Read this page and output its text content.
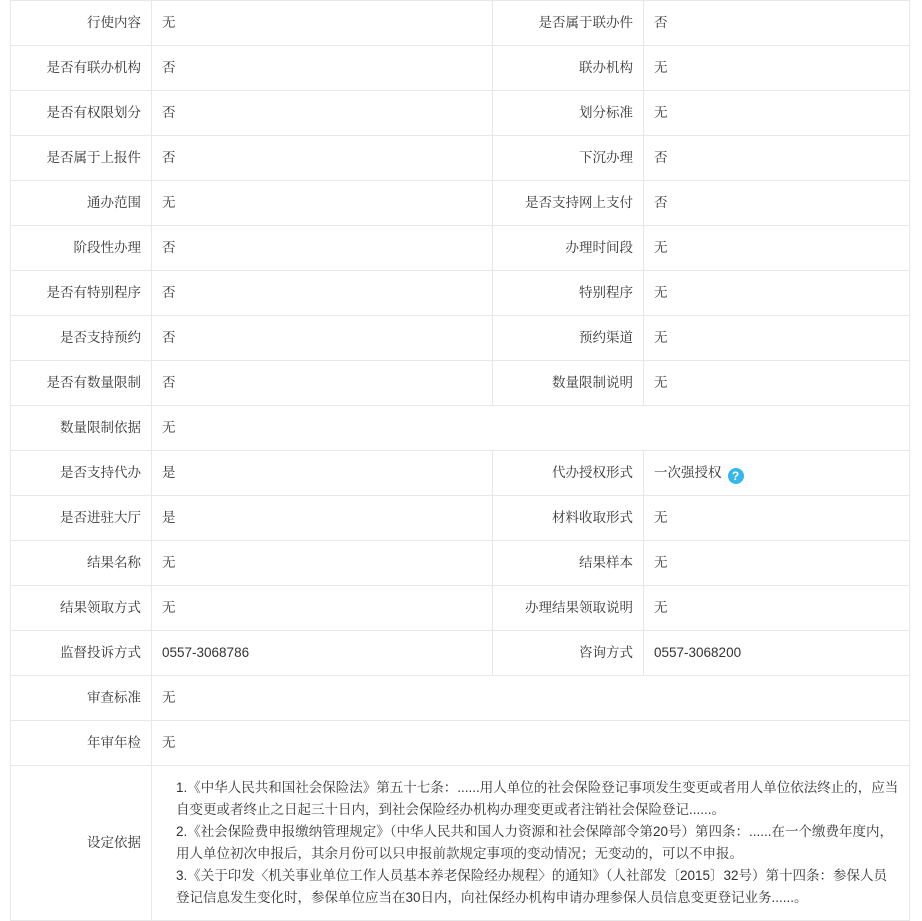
行使内容	无	是否属于联办件	否
是否有联办机构	否	联办机构	无
是否有权限划分	否	划分标准	无
是否属于上报件	否	下沉办理	否
通办范围	无	是否支持网上支付	否
阶段性办理	否	办理时间段	无
是否有特别程序	否	特别程序	无
是否支持预约	否	预约渠道	无
是否有数量限制	否	数量限制说明	无
数量限制依据	无		
是否支持代办	是	代办授权形式	一次强授权 ?
是否进驻大厅	是	材料收取形式	无
结果名称	无	结果样本	无
结果领取方式	无	办理结果领取说明	无
监督投诉方式	0557-3068786	咨询方式	0557-3068200
审查标准	无		
年审年检	无		
设定依据	1.《中华人民共和国社会保险法》第五十七条：......用人单位的社会保险登记事项发生变更或者用人单位依法终止的，应当自变更或者终止之日起三十日内，到社会保险经办机构办理变更或者注销社会保险登记......。
2.《社会保险费申报缴纳管理规定》（中华人民共和国人力资源和社会保障部令第20号）第四条：......在一个缴费年度内，用人单位初次申报后，其余月份可以只申报前款规定事项的变动情况；无变动的，可以不申报。
3.《关于印发〈机关事业单位工作人员基本养老保险经办规程〉的通知》（人社部发〔2015〕32号）第十四条：参保人员登记信息发生变化时，参保单位应当在30日内，向社保经办机构申请办理参保人员信息变更登记业务......。		
